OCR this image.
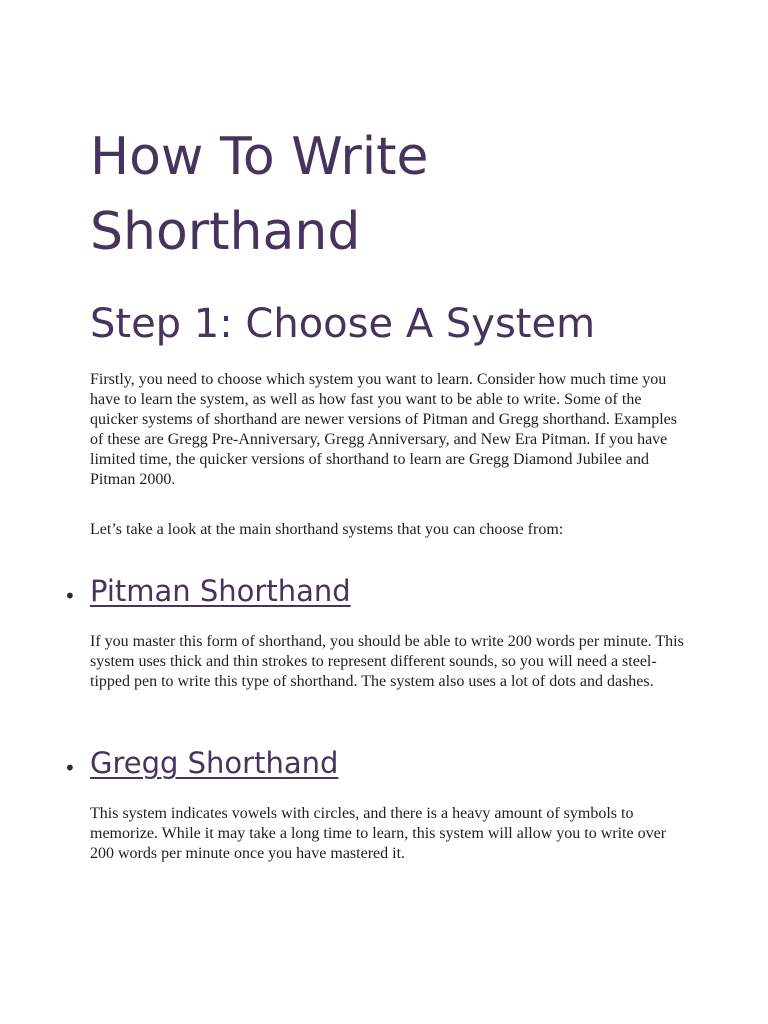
How To Write Shorthand
Step 1: Choose A System

Firstly, you need to choose which system you want to learn. Consider how much time you have to learn the system, as well as how fast you want to be able to write. Some of the quicker systems of shorthand are newer versions of Pitman and Gregg shorthand. Examples of these are Gregg Pre-Anniversary, Gregg Anniversary, and New Era Pitman. If you have limited time, the quicker versions of shorthand to learn are Gregg Diamond Jubilee and Pitman 2000.

Let’s take a look at the main shorthand systems that you can choose from:

• Pitman Shorthand

If you master this form of shorthand, you should be able to write 200 words per minute. This system uses thick and thin strokes to represent different sounds, so you will need a steel-tipped pen to write this type of shorthand. The system also uses a lot of dots and dashes.

• Gregg Shorthand

This system indicates vowels with circles, and there is a heavy amount of symbols to memorize. While it may take a long time to learn, this system will allow you to write over 200 words per minute once you have mastered it.
